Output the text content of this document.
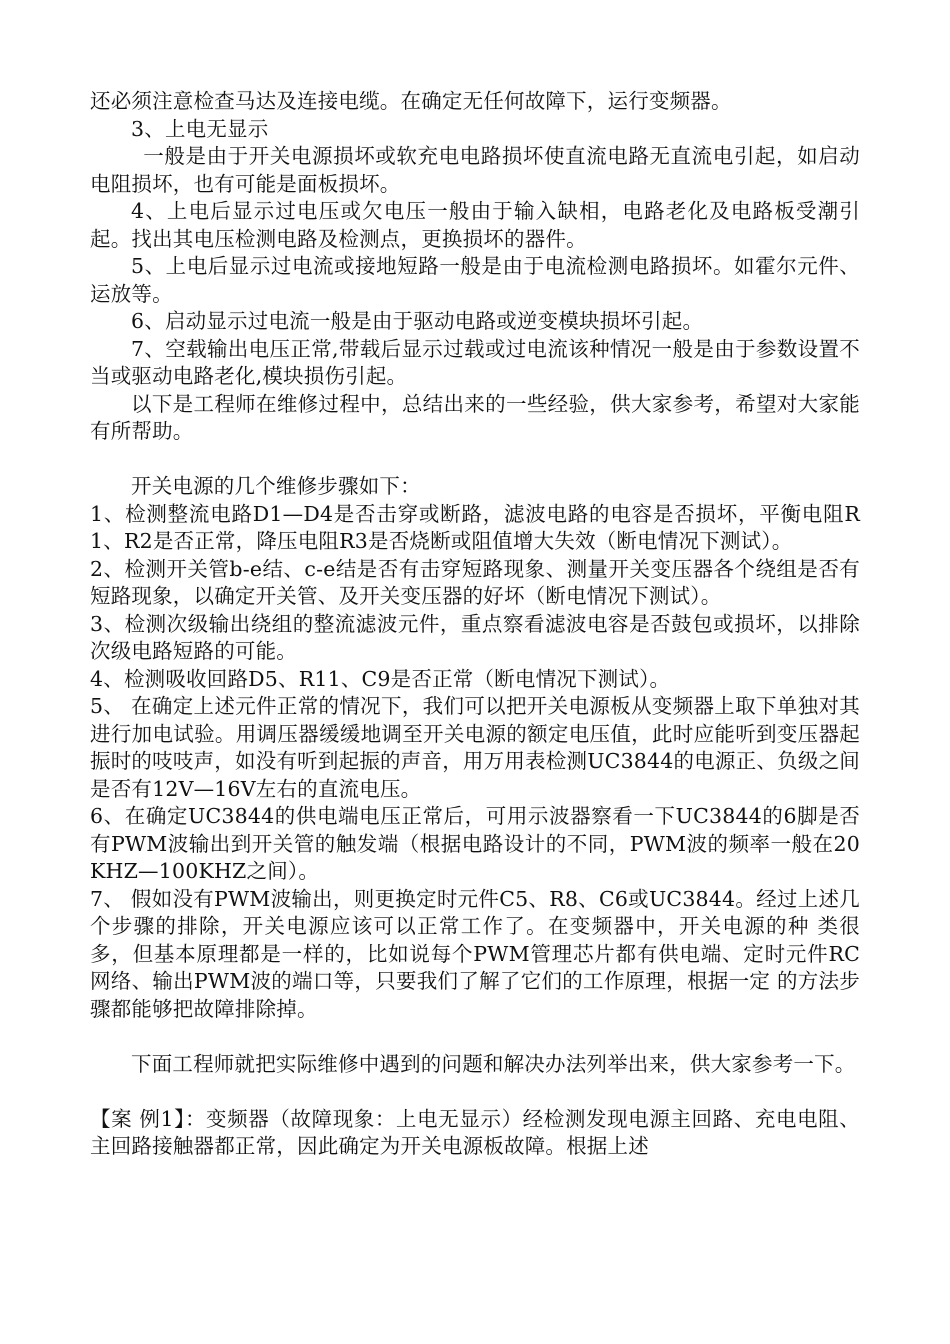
还必须注意检查马达及连接电缆。在确定无任何故障下，运行变频器。

3、上电无显示

一般是由于开关电源损坏或软充电电路损坏使直流电路无直流电引起，如启动电阻损坏，也有可能是面板损坏。

4、上电后显示过电压或欠电压一般由于输入缺相，电路老化及电路板受潮引起。找出其电压检测电路及检测点，更换损坏的器件。

5、上电后显示过电流或接地短路一般是由于电流检测电路损坏。如霍尔元件、运放等。

6、启动显示过电流一般是由于驱动电路或逆变模块损坏引起。

7、空载输出电压正常,带载后显示过载或过电流该种情况一般是由于参数设置不当或驱动电路老化,模块损伤引起。

以下是工程师在维修过程中，总结出来的一些经验，供大家参考，希望对大家能有所帮助。

开关电源的几个维修步骤如下：

1、检测整流电路D1—D4是否击穿或断路，滤波电路的电容是否损坏，平衡电阻R1、R2是否正常，降压电阻R3是否烧断或阻值增大失效（断电情况下测试）。

2、检测开关管b-e结、c-e结是否有击穿短路现象、测量开关变压器各个绕组是否有短路现象，以确定开关管、及开关变压器的好坏（断电情况下测试）。

3、检测次级输出绕组的整流滤波元件，重点察看滤波电容是否鼓包或损坏，以排除次级电路短路的可能。

4、检测吸收回路D5、R11、C9是否正常（断电情况下测试）。

5、 在确定上述元件正常的情况下，我们可以把开关电源板从变频器上取下单独对其进行加电试验。用调压器缓缓地调至开关电源的额定电压值，此时应能听到变压器起 振时的吱吱声，如没有听到起振的声音，用万用表检测UC3844的电源正、负级之间是否有12V—16V左右的直流电压。

6、在确定UC3844的供电端电压正常后，可用示波器察看一下UC3844的6脚是否有PWM波输出到开关管的触发端（根据电路设计的不同，PWM波的频率一般在20KHZ—100KHZ之间）。

7、 假如没有PWM波输出，则更换定时元件C5、R8、C6或UC3844。经过上述几个步骤的排除，开关电源应该可以正常工作了。在变频器中，开关电源的种 类很多，但基本原理都是一样的，比如说每个PWM管理芯片都有供电端、定时元件RC网络、输出PWM波的端口等，只要我们了解了它们的工作原理，根据一定 的方法步骤都能够把故障排除掉。

下面工程师就把实际维修中遇到的问题和解决办法列举出来，供大家参考一下。

【案 例1】：变频器（故障现象：上电无显示）经检测发现电源主回路、充电电阻、主回路接触器都正常，因此确定为开关电源板故障。根据上述
